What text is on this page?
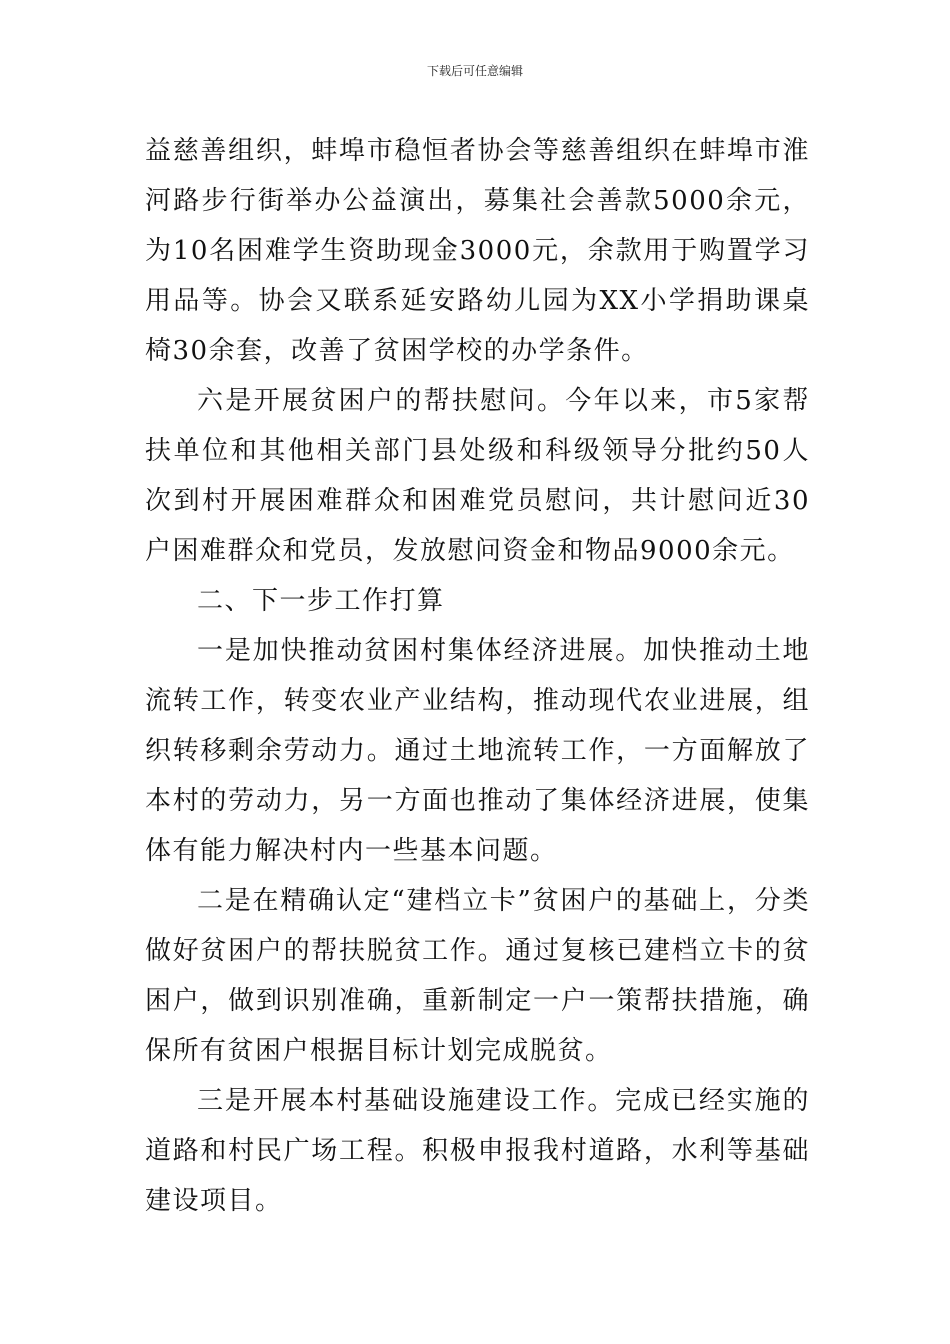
下载后可任意编辑

益慈善组织，蚌埠市稳恒者协会等慈善组织在蚌埠市淮河路步行街举办公益演出，募集社会善款5000余元，为10名困难学生资助现金3000元，余款用于购置学习用品等。协会又联系延安路幼儿园为XX小学捐助课桌椅30余套，改善了贫困学校的办学条件。

六是开展贫困户的帮扶慰问。今年以来，市5家帮扶单位和其他相关部门县处级和科级领导分批约50人次到村开展困难群众和困难党员慰问，共计慰问近30户困难群众和党员，发放慰问资金和物品9000余元。

二、下一步工作打算

一是加快推动贫困村集体经济进展。加快推动土地流转工作，转变农业产业结构，推动现代农业进展，组织转移剩余劳动力。通过土地流转工作，一方面解放了本村的劳动力，另一方面也推动了集体经济进展，使集体有能力解决村内一些基本问题。

二是在精确认定“建档立卡”贫困户的基础上，分类做好贫困户的帮扶脱贫工作。通过复核已建档立卡的贫困户，做到识别准确，重新制定一户一策帮扶措施，确保所有贫困户根据目标计划完成脱贫。

三是开展本村基础设施建设工作。完成已经实施的道路和村民广场工程。积极申报我村道路，水利等基础建设项目。
